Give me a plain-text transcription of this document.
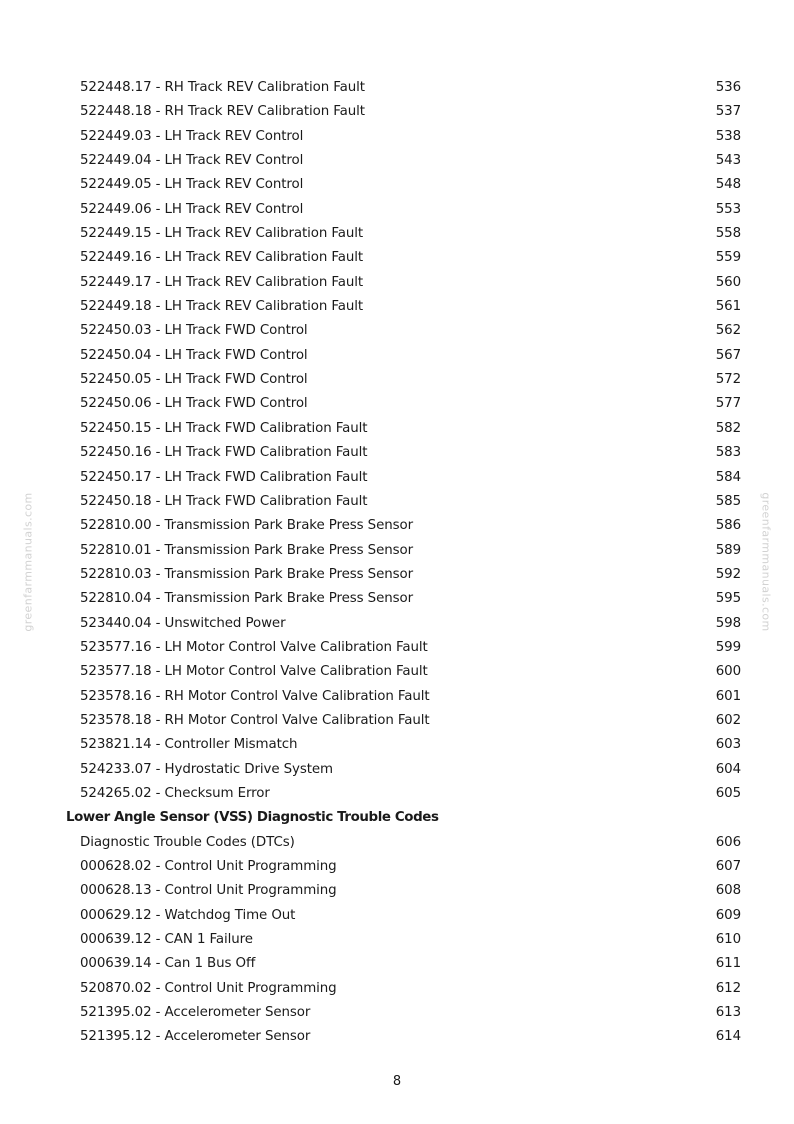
greenfarmmanuals.com	greenfarmmanuals.com
522448.17 - RH Track REV Calibration Fault	536
522448.18 - RH Track REV Calibration Fault	537
522449.03 - LH Track REV Control	538
522449.04 - LH Track REV Control	543
522449.05 - LH Track REV Control	548
522449.06 - LH Track REV Control	553
522449.15 - LH Track REV Calibration Fault	558
522449.16 - LH Track REV Calibration Fault	559
522449.17 - LH Track REV Calibration Fault	560
522449.18 - LH Track REV Calibration Fault	561
522450.03 - LH Track FWD Control	562
522450.04 - LH Track FWD Control	567
522450.05 - LH Track FWD Control	572
522450.06 - LH Track FWD Control	577
522450.15 - LH Track FWD Calibration Fault	582
522450.16 - LH Track FWD Calibration Fault	583
522450.17 - LH Track FWD Calibration Fault	584
522450.18 - LH Track FWD Calibration Fault	585
522810.00 - Transmission Park Brake Press Sensor	586
522810.01 - Transmission Park Brake Press Sensor	589
522810.03 - Transmission Park Brake Press Sensor	592
522810.04 - Transmission Park Brake Press Sensor	595
523440.04 - Unswitched Power	598
523577.16 - LH Motor Control Valve Calibration Fault	599
523577.18 - LH Motor Control Valve Calibration Fault	600
523578.16 - RH Motor Control Valve Calibration Fault	601
523578.18 - RH Motor Control Valve Calibration Fault	602
523821.14 - Controller Mismatch	603
524233.07 - Hydrostatic Drive System	604
524265.02 - Checksum Error	605
Lower Angle Sensor (VSS) Diagnostic Trouble Codes
Diagnostic Trouble Codes (DTCs)	606
000628.02 - Control Unit Programming	607
000628.13 - Control Unit Programming	608
000629.12 - Watchdog Time Out	609
000639.12 - CAN 1 Failure	610
000639.14 - Can 1 Bus Off	611
520870.02 - Control Unit Programming	612
521395.02 - Accelerometer Sensor	613
521395.12 - Accelerometer Sensor	614
8
